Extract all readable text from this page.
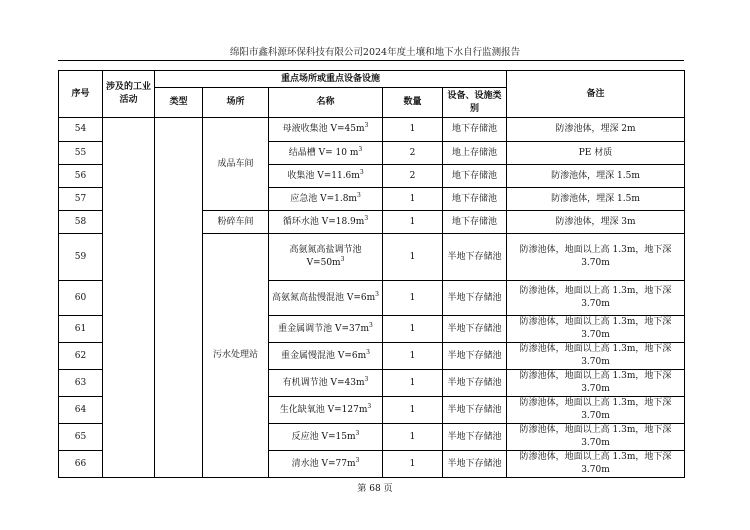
绵阳市鑫科源环保科技有限公司2024年度土壤和地下水自行监测报告
序号	涉及的工业活动	重点场所或重点设备设施					备注
		类型	场所	名称	数量	设备、设施类别	
54			成品车间	母液收集池 $V=45m^3$	1	地下存储池	防渗池体，埋深 2m
55				结晶槽 V= 10 $m^3$	2	地上存储池	PE 材质
56				收集池 $V=11.6m^3$	2	地下存储池	防渗池体，埋深 1.5m
57				应急池 $V=1.8m^3$	1	地下存储池	防渗池体，埋深 1.5m
58			粉碎车间	循环水池 $V=18.9m^3$	1	地下存储池	防渗池体，埋深 3m
59			污水处理站	高氨氮高盐调节池
$V=50m^3$	1	半地下存储池	防渗池体，地面以上高 1.3m，地下深 3.70m
60				高氨氮高盐慢混池 $V=6m^3$	1	半地下存储池	防渗池体，地面以上高 1.3m，地下深 3.70m
61				重金属调节池 $V=37m^3$	1	半地下存储池	防渗池体，地面以上高 1.3m，地下深 3.70m
62				重金属慢混池 $V=6m^3$	1	半地下存储池	防渗池体，地面以上高 1.3m，地下深 3.70m
63				有机调节池 $V=43m^3$	1	半地下存储池	防渗池体，地面以上高 1.3m，地下深 3.70m
64				生化缺氧池 $V=127m^3$	1	半地下存储池	防渗池体，地面以上高 1.3m，地下深 3.70m
65				反应池 $V=15m^3$	1	半地下存储池	防渗池体，地面以上高 1.3m，地下深 3.70m
66				清水池 $V=77m^3$	1	半地下存储池	防渗池体，地面以上高 1.3m，地下深 3.70m
第 68 页
